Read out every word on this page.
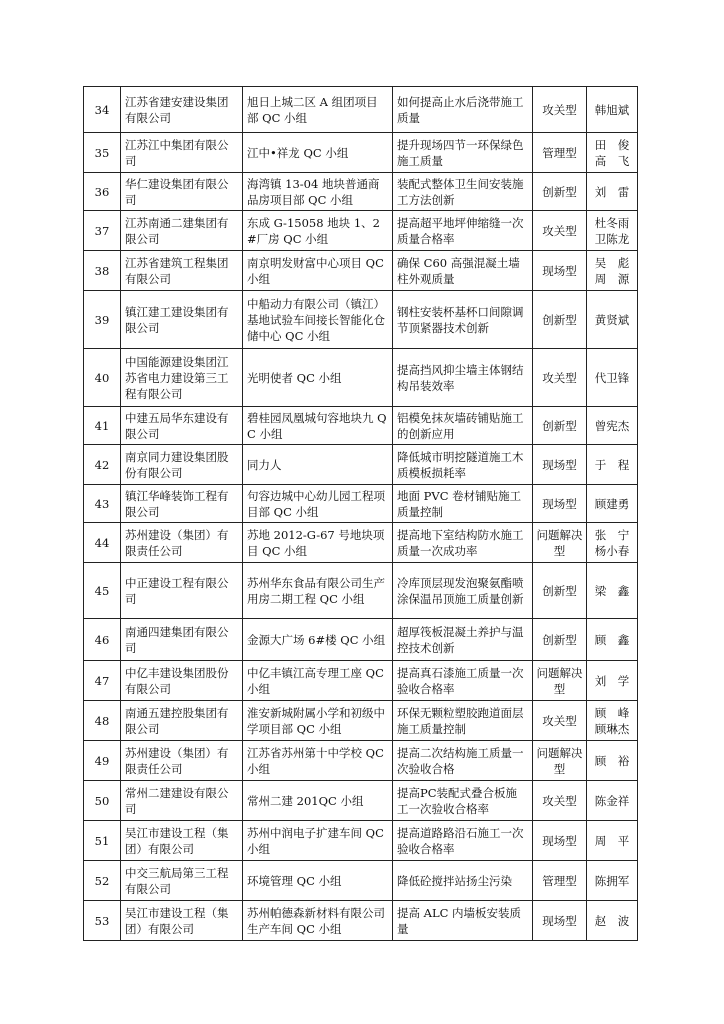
34	江苏省建安建设集团有限公司	旭日上城二区 A 组团项目部 QC 小组	如何提高止水后浇带施工质量	攻关型	韩旭斌

35	江苏江中集团有限公司	江中•祥龙 QC 小组	提升现场四节一环保绿色施工质量	管理型	田　俊
高　飞

36	华仁建设集团有限公司	海湾镇 13-04 地块普通商品房项目部 QC 小组	装配式整体卫生间安装施工方法创新	创新型	刘　雷

37	江苏南通二建集团有限公司	东成 G-15058 地块 1、2#厂房 QC 小组	提高超平地坪伸缩缝一次质量合格率	攻关型	杜冬雨
卫陈龙

38	江苏省建筑工程集团有限公司	南京明发财富中心项目 QC 小组	确保 C60 高强混凝土墙柱外观质量	现场型	吴　彪
周　源

39	镇江建工建设集团有限公司	中船动力有限公司（镇江）基地试验车间接长智能化仓储中心 QC 小组	钢柱安装杯基杯口间隙调节顶紧器技术创新	创新型	黄贤斌

40	中国能源建设集团江苏省电力建设第三工程有限公司	光明使者 QC 小组	提高挡风抑尘墙主体钢结构吊装效率	攻关型	代卫锋

41	中建五局华东建设有限公司	碧桂园凤凰城句容地块九 QC 小组	铝模免抹灰墙砖铺贴施工的创新应用	创新型	曾宪杰

42	南京同力建设集团股份有限公司	同力人	降低城市明挖隧道施工木质模板损耗率	现场型	于　程

43	镇江华峰装饰工程有限公司	句容边城中心幼儿园工程项目部 QC 小组	地面 PVC 卷材铺贴施工质量控制	现场型	顾建勇

44	苏州建设（集团）有限责任公司	苏地 2012-G-67 号地块项目 QC 小组	提高地下室结构防水施工质量一次成功率	问题解决型	张　宁
杨小春

45	中正建设工程有限公司	苏州华东食品有限公司生产用房二期工程 QC 小组	冷库顶层现发泡聚氨酯喷涂保温吊顶施工质量创新	创新型	梁　鑫

46	南通四建集团有限公司	金源大广场 6#楼 QC 小组	超厚筏板混凝土养护与温控技术创新	创新型	顾　鑫

47	中亿丰建设集团股份有限公司	中亿丰镇江高专理工座 QC 小组	提高真石漆施工质量一次验收合格率	问题解决型	刘　学

48	南通五建控股集团有限公司	淮安新城附属小学和初级中学项目部 QC 小组	环保无颗粒塑胶跑道面层施工质量控制	攻关型	顾　峰
顾琳杰

49	苏州建设（集团）有限责任公司	江苏省苏州第十中学校 QC 小组	提高二次结构施工质量一次验收合格	问题解决型	顾　裕

50	常州二建建设有限公司	常州二建 201QC 小组	提高PC装配式叠合板施工一次验收合格率	攻关型	陈金祥

51	吴江市建设工程（集团）有限公司	苏州中润电子扩建车间 QC 小组	提高道路路沿石施工一次验收合格率	现场型	周　平

52	中交三航局第三工程有限公司	环境管理 QC 小组	降低砼搅拌站扬尘污染	管理型	陈拥军

53	吴江市建设工程（集团）有限公司	苏州帕德森新材料有限公司生产车间 QC 小组	提高 ALC 内墙板安装质量	现场型	赵　波
